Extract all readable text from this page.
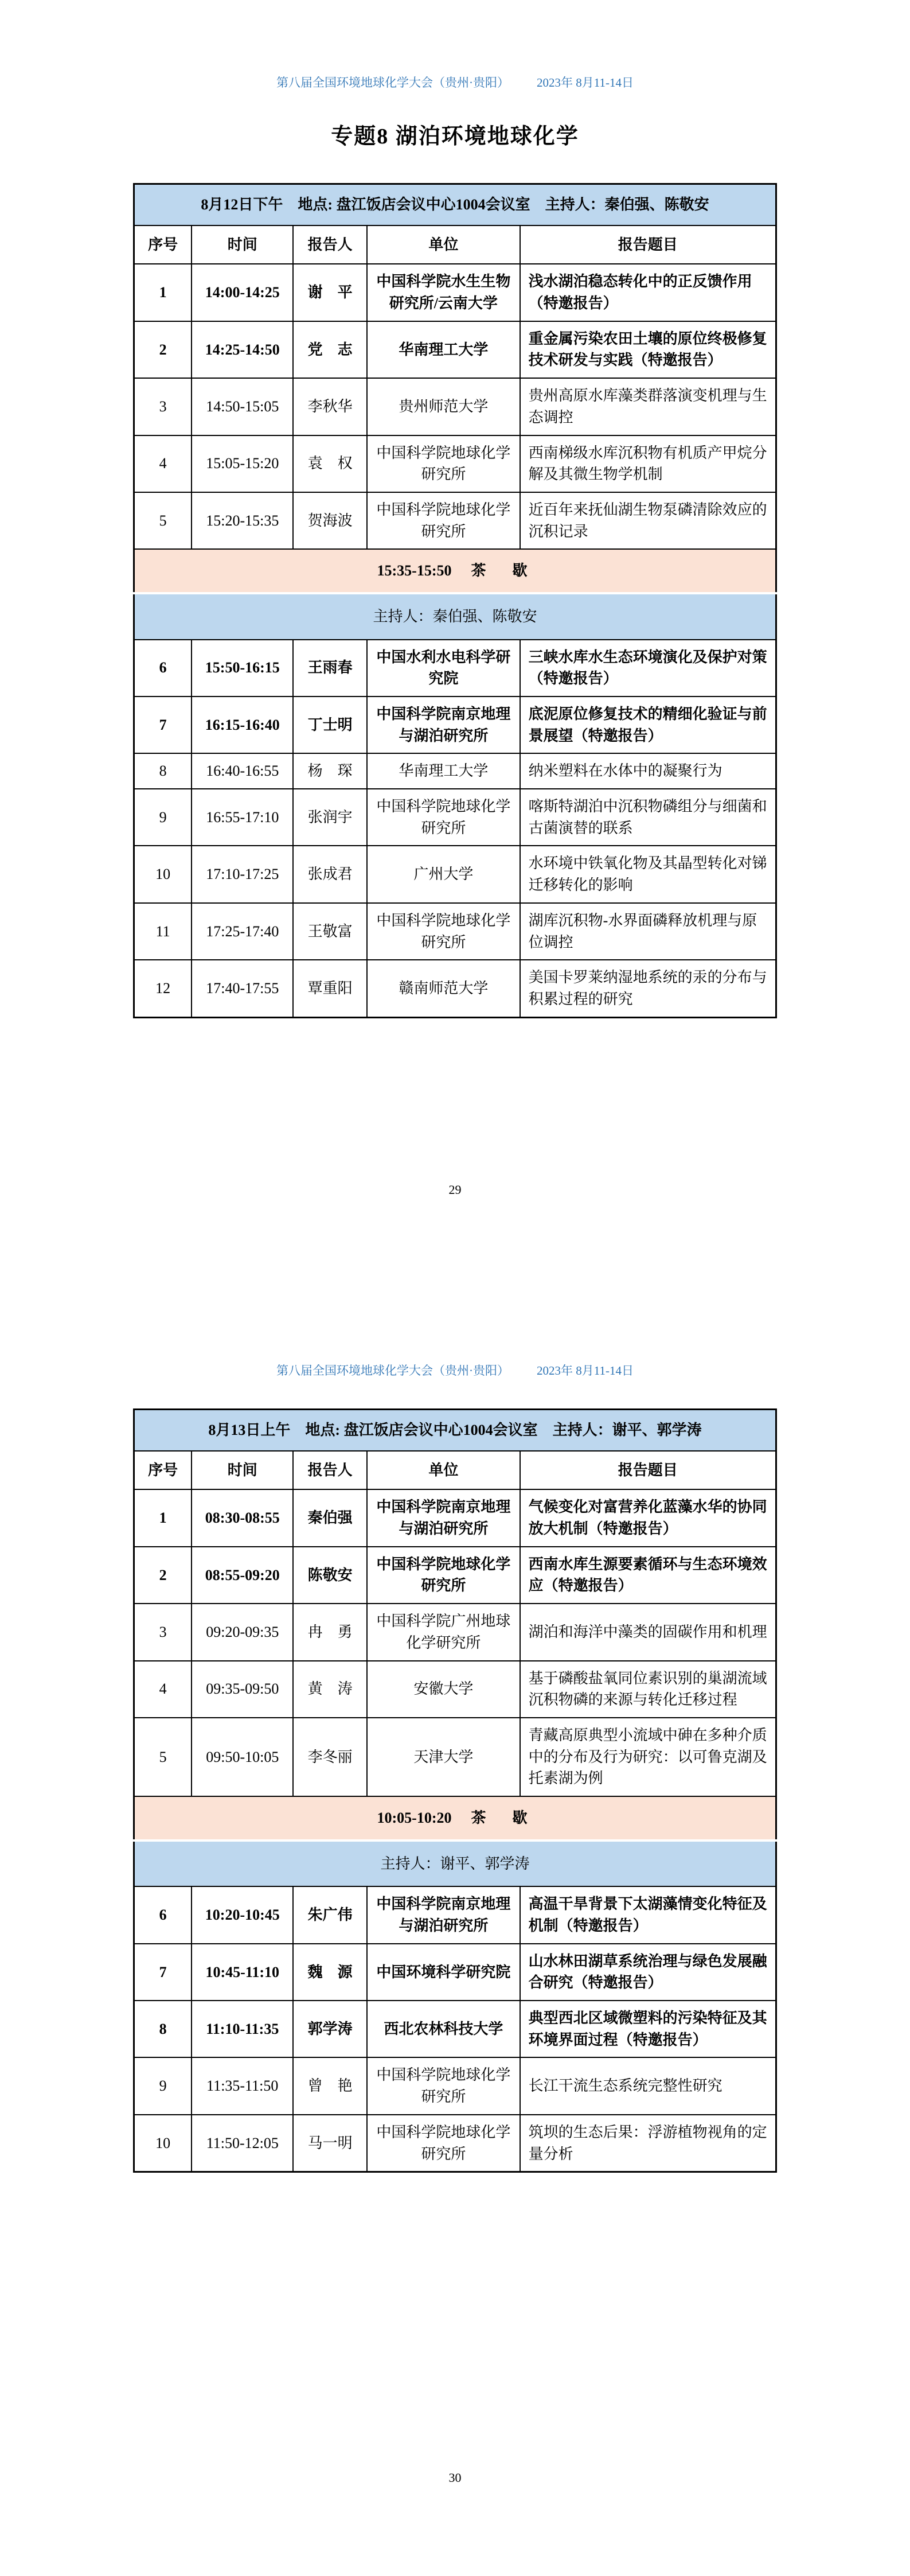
第八届全国环境地球化学大会（贵州·贵阳） 2023年 8月11-14日
专题8 湖泊环境地球化学
8月12日下午　地点: 盘江饭店会议中心1004会议室　主持人：秦伯强、陈敬安				
序号	时间	报告人	单位	报告题目
1	14:00-14:25	谢　平	中国科学院水生生物研究所/云南大学	浅水湖泊稳态转化中的正反馈作用（特邀报告）
2	14:25-14:50	党　志	华南理工大学	重金属污染农田土壤的原位终极修复技术研发与实践（特邀报告）
3	14:50-15:05	李秋华	贵州师范大学	贵州高原水库藻类群落演变机理与生态调控
4	15:05-15:20	袁　权	中国科学院地球化学研究所	西南梯级水库沉积物有机质产甲烷分解及其微生物学机制
5	15:20-15:35	贺海波	中国科学院地球化学研究所	近百年来抚仙湖生物泵磷清除效应的沉积记录
15:35-15:50 茶　歇				
主持人：秦伯强、陈敬安				
6	15:50-16:15	王雨春	中国水利水电科学研究院	三峡水库水生态环境演化及保护对策（特邀报告）
7	16:15-16:40	丁士明	中国科学院南京地理与湖泊研究所	底泥原位修复技术的精细化验证与前景展望（特邀报告）
8	16:40-16:55	杨　琛	华南理工大学	纳米塑料在水体中的凝聚行为
9	16:55-17:10	张润宇	中国科学院地球化学研究所	喀斯特湖泊中沉积物磷组分与细菌和古菌演替的联系
10	17:10-17:25	张成君	广州大学	水环境中铁氧化物及其晶型转化对锑迁移转化的影响
11	17:25-17:40	王敬富	中国科学院地球化学研究所	湖库沉积物-水界面磷释放机理与原位调控
12	17:40-17:55	覃重阳	赣南师范大学	美国卡罗莱纳湿地系统的汞的分布与积累过程的研究
29
第八届全国环境地球化学大会（贵州·贵阳） 2023年 8月11-14日
8月13日上午　地点: 盘江饭店会议中心1004会议室　主持人：谢平、郭学涛				
序号	时间	报告人	单位	报告题目
1	08:30-08:55	秦伯强	中国科学院南京地理与湖泊研究所	气候变化对富营养化蓝藻水华的协同放大机制（特邀报告）
2	08:55-09:20	陈敬安	中国科学院地球化学研究所	西南水库生源要素循环与生态环境效应（特邀报告）
3	09:20-09:35	冉　勇	中国科学院广州地球化学研究所	湖泊和海洋中藻类的固碳作用和机理
4	09:35-09:50	黄　涛	安徽大学	基于磷酸盐氧同位素识别的巢湖流域沉积物磷的来源与转化迁移过程
5	09:50-10:05	李冬丽	天津大学	青藏高原典型小流域中砷在多种介质中的分布及行为研究：以可鲁克湖及托素湖为例
10:05-10:20 茶　歇				
主持人：谢平、郭学涛				
6	10:20-10:45	朱广伟	中国科学院南京地理与湖泊研究所	高温干旱背景下太湖藻情变化特征及机制（特邀报告）
7	10:45-11:10	魏　源	中国环境科学研究院	山水林田湖草系统治理与绿色发展融合研究（特邀报告）
8	11:10-11:35	郭学涛	西北农林科技大学	典型西北区域微塑料的污染特征及其环境界面过程（特邀报告）
9	11:35-11:50	曾　艳	中国科学院地球化学研究所	长江干流生态系统完整性研究
10	11:50-12:05	马一明	中国科学院地球化学研究所	筑坝的生态后果：浮游植物视角的定量分析
30
